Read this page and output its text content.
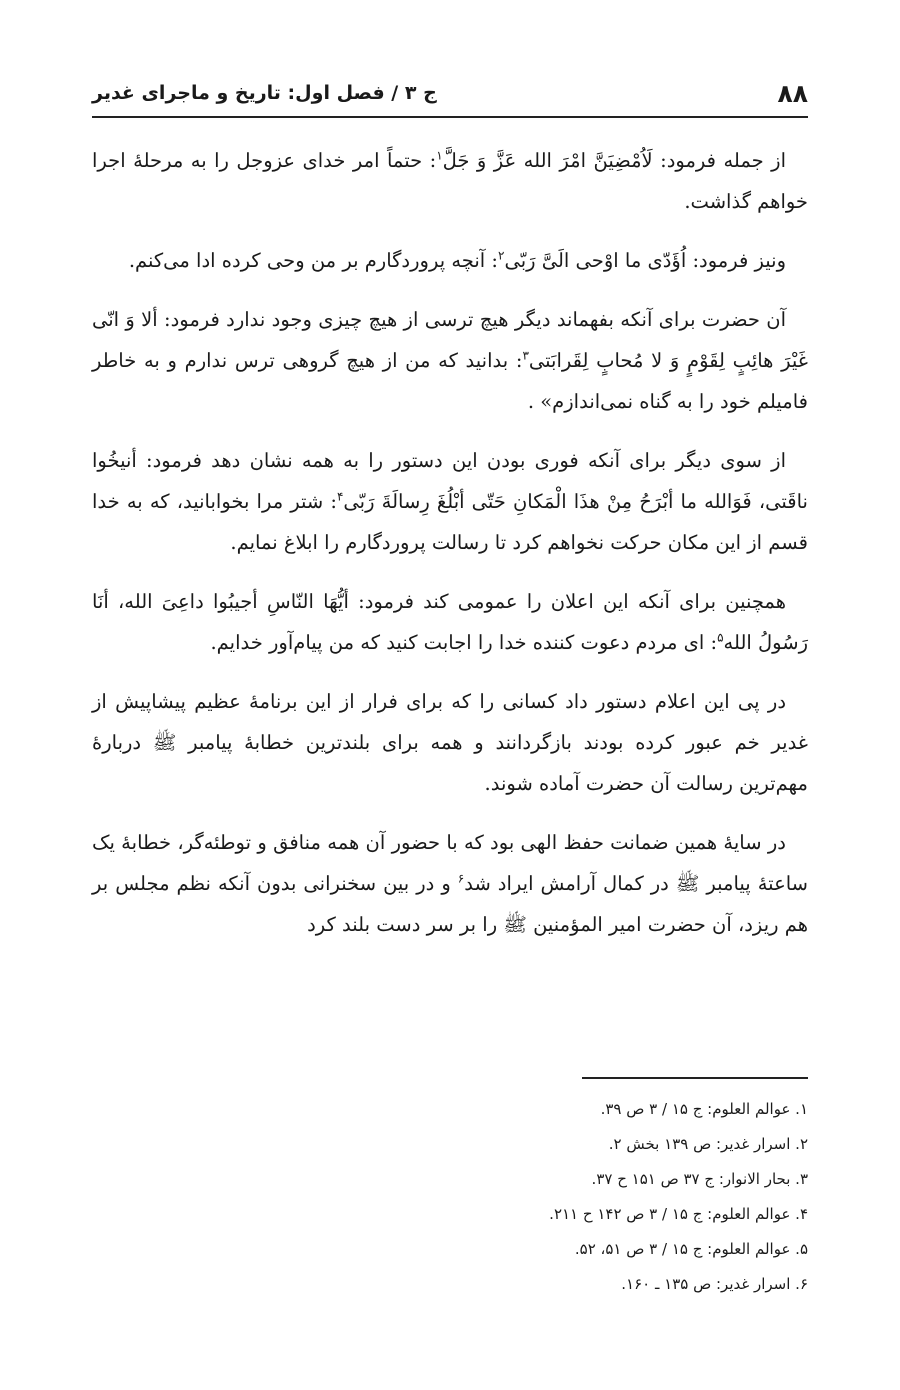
۸۸
ج ۳ / فصل اول: تاریخ و ماجرای غدیر

از جمله فرمود: لَاُمْضِیَنَّ امْرَ الله عَزَّ وَ جَلَّ$^۱$: حتماً امر خدای عزوجل را به مرحلهٔ اجرا خواهم گذاشت.

ونیز فرمود: اُؤَدّی ما اوْحی الَیَّ رَبّی$^۲$: آنچه پروردگارم بر من وحی کرده ادا می‌کنم.

آن حضرت برای آنکه بفهماند دیگر هیچ ترسی از هیچ چیزی وجود ندارد فرمود: ألا وَ انّی غَیْرَ هائِبٍ لِقَوْمٍ وَ لا مُحابٍ لِقَرابَتی$^۳$: بدانید که من از هیچ گروهی ترس ندارم و به خاطر فامیلم خود را به گناه نمی‌اندازم» .

از سوی دیگر برای آنکه فوری بودن این دستور را به همه نشان دهد فرمود: أنیخُوا ناقَتی، فَوَالله ما أبْرَحُ مِنْ هذَا الْمَکانِ حَتّی أبْلُغَ رِسالَةَ رَبّی$^۴$: شتر مرا بخوابانید، که به خدا قسم از این مکان حرکت نخواهم کرد تا رسالت پروردگارم را ابلاغ نمایم.

همچنین برای آنکه این اعلان را عمومی کند فرمود: أیُّهَا النّاسِ أجیبُوا داعِیَ الله، أنَا رَسُولُ الله$^۵$: ای مردم دعوت کننده خدا را اجابت کنید که من پیام‌آور خدایم.

در پی این اعلام دستور داد کسانی را که برای فرار از این برنامهٔ عظیم پیشاپیش از غدیر خم عبور کرده بودند بازگردانند و همه برای بلندترین خطابهٔ پیامبر ﷺ دربارهٔ مهم‌ترین رسالت آن حضرت آماده شوند.

در سایهٔ همین ضمانت حفظ الهی بود که با حضور آن همه منافق و توطئه‌گر، خطابهٔ یک ساعتهٔ پیامبر ﷺ در کمال آرامش ایراد شد$^۶$ و در بین سخنرانی بدون آنکه نظم مجلس بر هم ریزد، آن حضرت امیر المؤمنین ﷺ را بر سر دست بلند کرد

۱. عوالم العلوم: ج ۱۵ / ۳ ص ۳۹.
۲. اسرار غدیر: ص ۱۳۹ بخش ۲.
۳. بحار الانوار: ج ۳۷ ص ۱۵۱ ح ۳۷.
۴. عوالم العلوم: ج ۱۵ / ۳ ص ۱۴۲ ح ۲۱۱.
۵. عوالم العلوم: ج ۱۵ / ۳ ص ۵۱، ۵۲.
۶. اسرار غدیر: ص ۱۳۵ ـ ۱۶۰.
